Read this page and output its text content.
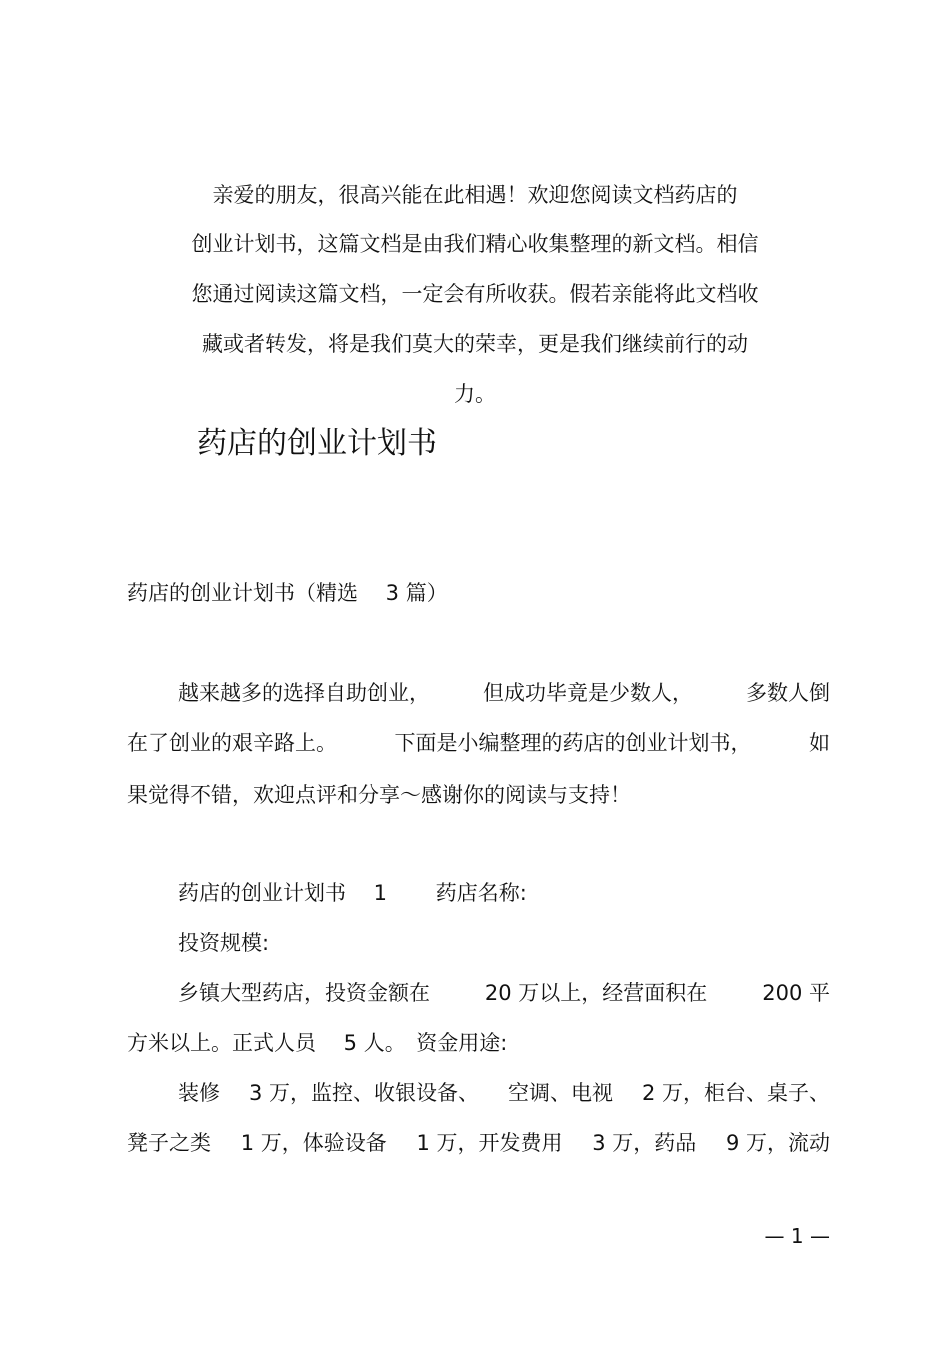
亲爱的朋友，很高兴能在此相遇！欢迎您阅读文档药店的
创业计划书，这篇文档是由我们精心收集整理的新文档。相信
您通过阅读这篇文档，一定会有所收获。假若亲能将此文档收
藏或者转发，将是我们莫大的荣幸，更是我们继续前行的动
力。
药店的创业计划书
药店的创业计划书（精选　 3 篇）
越来越多的选择自助创业，	但成功毕竟是少数人，	多数人倒
在了创业的艰辛路上。	下面是小编整理的药店的创业计划书，	如
果觉得不错，欢迎点评和分享～感谢你的阅读与支持！
药店的创业计划书　 1　　 药店名称:
投资规模:
乡镇大型药店，投资金额在	20 万以上，经营面积在	200 平
方米以上。正式人员　 5 人。　资金用途:
装修 3 万，监控、收银设备、 空调、电视 2 万，柜台、桌子、
凳子之类 1 万，体验设备 1 万，开发费用 3 万，药品 9 万，流动
— 1 —
